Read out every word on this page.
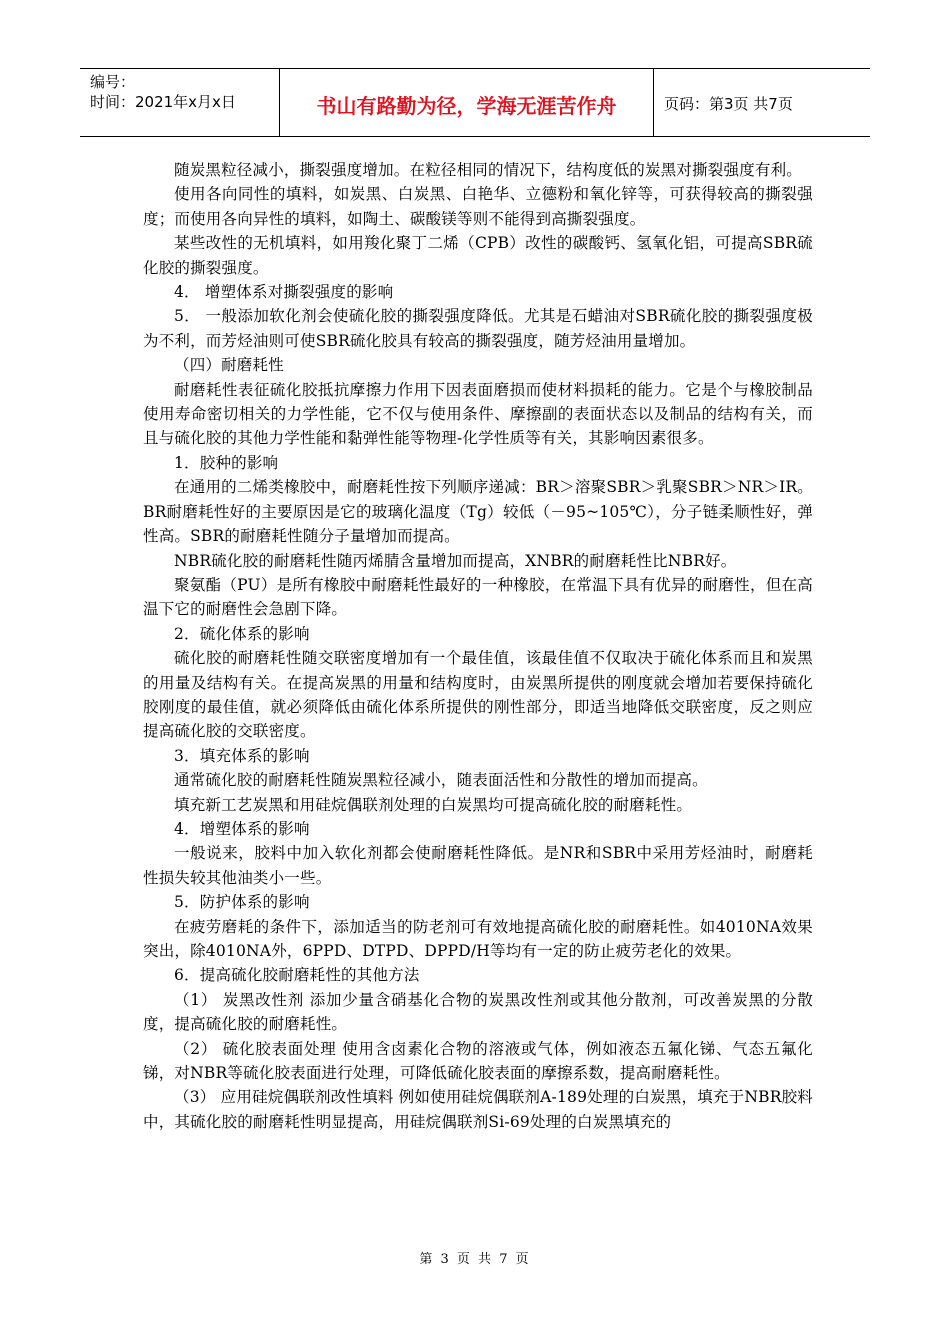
编号：
时间：2021年x月x日	书山有路勤为径，学海无涯苦作舟	页码：第3页 共7页

随炭黑粒径减小，撕裂强度增加。在粒径相同的情况下，结构度低的炭黑对撕裂强度有利。

使用各向同性的填料，如炭黑、白炭黑、白艳华、立德粉和氧化锌等，可获得较高的撕裂强度；而使用各向异性的填料，如陶土、碳酸镁等则不能得到高撕裂强度。

某些改性的无机填料，如用羧化聚丁二烯（CPB）改性的碳酸钙、氢氧化铝，可提高SBR硫化胶的撕裂强度。

4． 增塑体系对撕裂强度的影响

5． 一般添加软化剂会使硫化胶的撕裂强度降低。尤其是石蜡油对SBR硫化胶的撕裂强度极为不利，而芳烃油则可使SBR硫化胶具有较高的撕裂强度，随芳烃油用量增加。

（四）耐磨耗性

耐磨耗性表征硫化胶抵抗摩擦力作用下因表面磨损而使材料损耗的能力。它是个与橡胶制品使用寿命密切相关的力学性能，它不仅与使用条件、摩擦副的表面状态以及制品的结构有关，而且与硫化胶的其他力学性能和黏弹性能等物理-化学性质等有关，其影响因素很多。

1．胶种的影响

在通用的二烯类橡胶中，耐磨耗性按下列顺序递减：BR＞溶聚SBR＞乳聚SBR＞NR＞IR。BR耐磨耗性好的主要原因是它的玻璃化温度（Tg）较低（－95~105℃），分子链柔顺性好，弹性高。SBR的耐磨耗性随分子量增加而提高。

NBR硫化胶的耐磨耗性随丙烯腈含量增加而提高，XNBR的耐磨耗性比NBR好。

聚氨酯（PU）是所有橡胶中耐磨耗性最好的一种橡胶，在常温下具有优异的耐磨性，但在高温下它的耐磨性会急剧下降。

2．硫化体系的影响

硫化胶的耐磨耗性随交联密度增加有一个最佳值，该最佳值不仅取决于硫化体系而且和炭黑的用量及结构有关。在提高炭黑的用量和结构度时，由炭黑所提供的刚度就会增加若要保持硫化胶刚度的最佳值，就必须降低由硫化体系所提供的刚性部分，即适当地降低交联密度，反之则应提高硫化胶的交联密度。

3．填充体系的影响

通常硫化胶的耐磨耗性随炭黑粒径减小，随表面活性和分散性的增加而提高。

填充新工艺炭黑和用硅烷偶联剂处理的白炭黑均可提高硫化胶的耐磨耗性。

4．增塑体系的影响

一般说来，胶料中加入软化剂都会使耐磨耗性降低。是NR和SBR中采用芳烃油时，耐磨耗性损失较其他油类小一些。

5．防护体系的影响

在疲劳磨耗的条件下，添加适当的防老剂可有效地提高硫化胶的耐磨耗性。如4010NA效果突出，除4010NA外，6PPD、DTPD、DPPD/H等均有一定的防止疲劳老化的效果。

6．提高硫化胶耐磨耗性的其他方法

（1） 炭黑改性剂 添加少量含硝基化合物的炭黑改性剂或其他分散剂，可改善炭黑的分散度，提高硫化胶的耐磨耗性。

（2） 硫化胶表面处理 使用含卤素化合物的溶液或气体，例如液态五氟化锑、气态五氟化锑，对NBR等硫化胶表面进行处理，可降低硫化胶表面的摩擦系数，提高耐磨耗性。

（3） 应用硅烷偶联剂改性填料 例如使用硅烷偶联剂A-189处理的白炭黑，填充于NBR胶料中，其硫化胶的耐磨耗性明显提高，用硅烷偶联剂Si-69处理的白炭黑填充的

第 3 页 共 7 页
